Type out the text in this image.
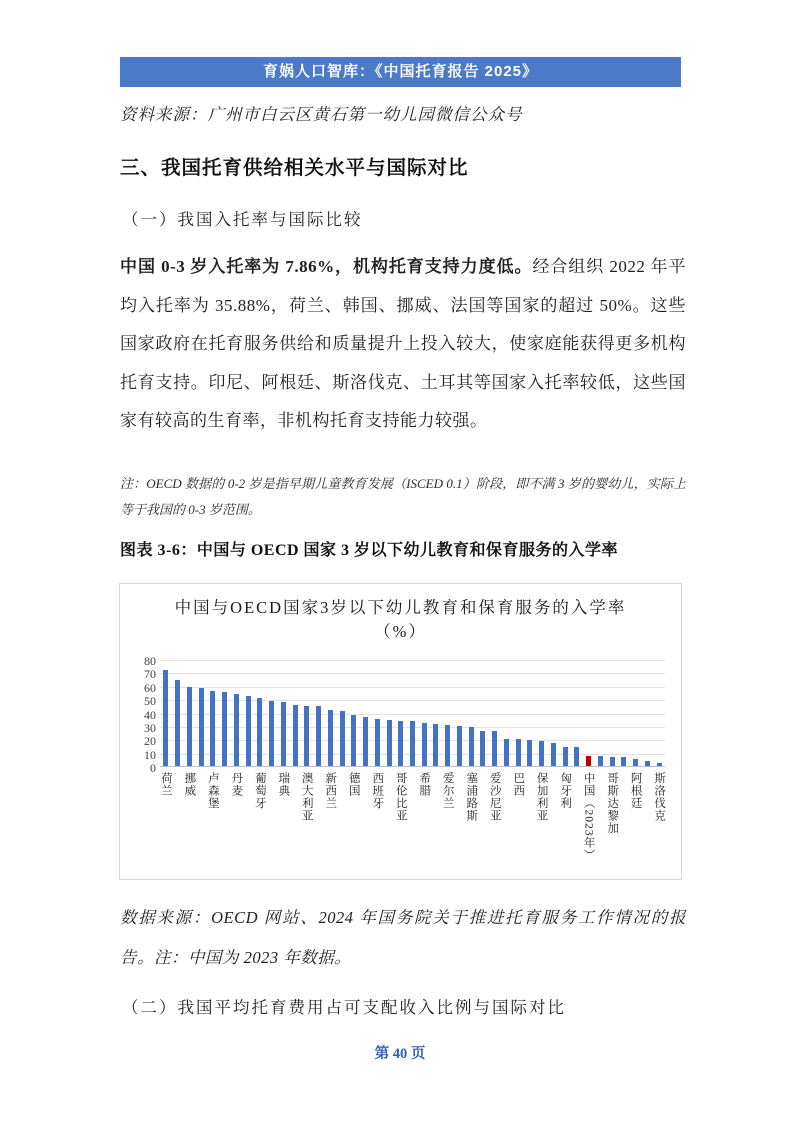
育娲人口智库：《中国托育报告 2025》

资料来源：广州市白云区黄石第一幼儿园微信公众号

三、我国托育供给相关水平与国际对比

（一）我国入托率与国际比较

中国 0-3 岁入托率为 7.86%，机构托育支持力度低。经合组织 2022 年平均入托率为 35.88%，荷兰、韩国、挪威、法国等国家的超过 50%。这些国家政府在托育服务供给和质量提升上投入较大，使家庭能获得更多机构托育支持。印尼、阿根廷、斯洛伐克、土耳其等国家入托率较低，这些国家有较高的生育率，非机构托育支持能力较强。

注：OECD 数据的 0-2 岁是指早期儿童教育发展（ISCED 0.1）阶段，即不满 3 岁的婴幼儿，实际上等于我国的 0-3 岁范围。

图表 3-6：中国与 OECD 国家 3 岁以下幼儿教育和保育服务的入学率

中国与OECD国家3岁以下幼儿教育和保育服务的入学率（%）
0
10
20
30
40
50
60
70
80
荷兰 挪威 卢森堡 丹麦 葡萄牙 瑞典 澳大利亚 新西兰 德国 西班牙 哥伦比亚 希腊 爱尔兰 塞浦路斯 爱沙尼亚 巴西 保加利亚 匈牙利 中国（2023年） 哥斯达黎加 阿根廷 斯洛伐克

数据来源：OECD 网站、2024 年国务院关于推进托育服务工作情况的报告。注：中国为 2023 年数据。

（二）我国平均托育费用占可支配收入比例与国际对比

第 40 页
